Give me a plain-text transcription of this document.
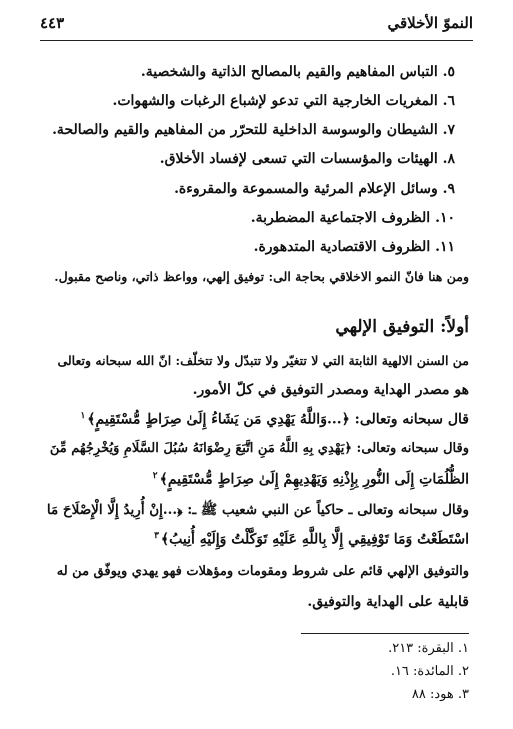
النموّ الأخلاقي
٤٤٣
٥. التباس المفاهيم والقيم بالمصالح الذاتية والشخصية.
٦. المغريات الخارجية التي تدعو لإشباع الرغبات والشهوات.
٧. الشيطان والوسوسة الداخلية للتحرّر من المفاهيم والقيم والصالحة.
٨. الهيئات والمؤسسات التي تسعى لإفساد الأخلاق.
٩. وسائل الإعلام المرئية والمسموعة والمقروءة.
١٠. الظروف الاجتماعية المضطربة.
١١. الظروف الاقتصادية المتدهورة.
ومن هنا فانّ النمو الاخلاقي بحاجة الى: توفيق إلهي، وواعظ ذاتي، وناصح مقبول.
أولاً: التوفيق الإلهي
من السنن الالهية الثابتة التي لا تتغيّر ولا تتبدّل ولا تتخلّف: انّ الله سبحانه وتعالى
هو مصدر الهداية ومصدر التوفيق في كلّ الأمور.
قال سبحانه وتعالى: ﴿...وَاللَّهُ يَهْدِي مَن يَشَاءُ إِلَىٰ صِرَاطٍ مُّسْتَقِيمٍ﴾$^١$
وقال سبحانه وتعالى: ﴿يَهْدِي بِهِ اللَّهُ مَنِ اتَّبَعَ رِضْوَانَهُ سُبُلَ السَّلَامِ وَيُخْرِجُهُم مِّنَ
الظُّلُمَاتِ إِلَى النُّورِ بِإِذْنِهِ وَيَهْدِيهِمْ إِلَىٰ صِرَاطٍ مُّسْتَقِيمٍ﴾$^٢$
وقال سبحانه وتعالى ـ حاكياً عن النبي شعيب ﷺ ـ: ﴿...إِنْ أُرِيدُ إِلَّا الْإِصْلَاحَ مَا
اسْتَطَعْتُ وَمَا تَوْفِيقِي إِلَّا بِاللَّهِ عَلَيْهِ تَوَكَّلْتُ وَإِلَيْهِ أُنِيبُ﴾$^٣$
والتوفيق الإلهي قائم على شروط ومقومات ومؤهلات فهو يهدي ويوفّق من له
قابلية على الهداية والتوفيق.
١. البقرة: ٢١٣.
٢. المائدة: ١٦.
٣. هود: ٨٨
